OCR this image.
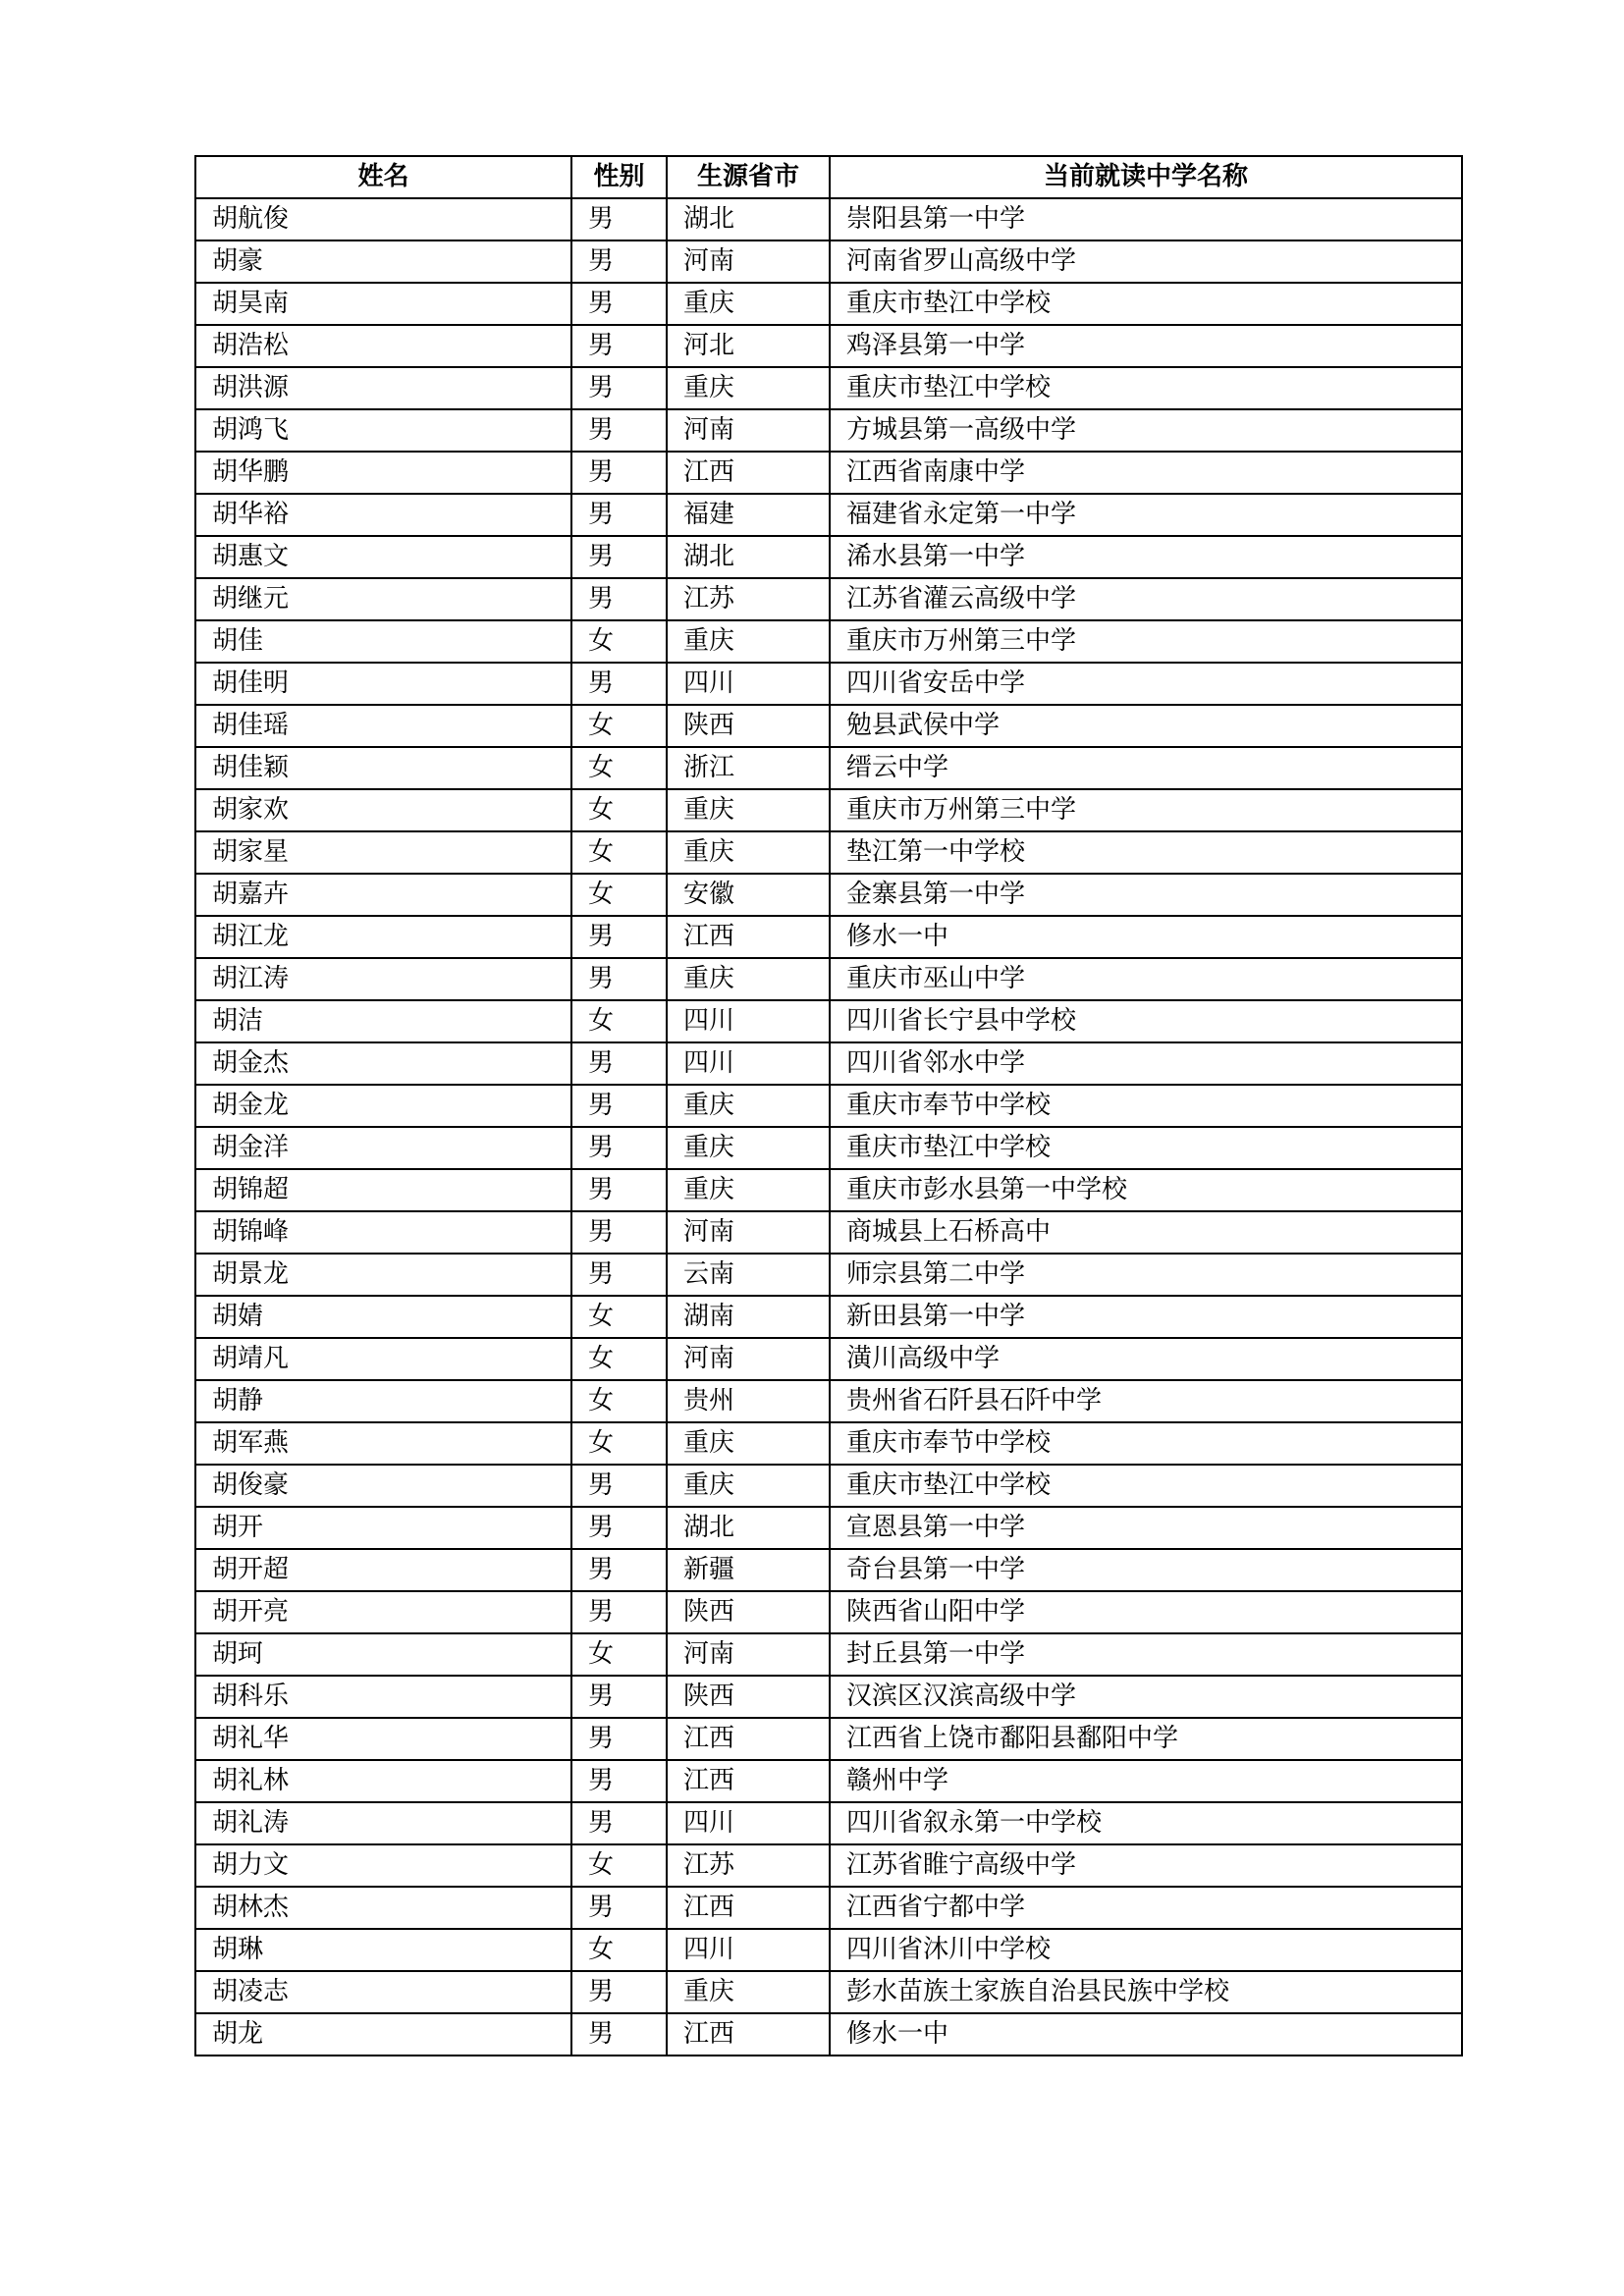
姓名	性别	生源省市	当前就读中学名称
胡航俊	男	湖北	崇阳县第一中学
胡豪	男	河南	河南省罗山高级中学
胡昊南	男	重庆	重庆市垫江中学校
胡浩松	男	河北	鸡泽县第一中学
胡洪源	男	重庆	重庆市垫江中学校
胡鸿飞	男	河南	方城县第一高级中学
胡华鹏	男	江西	江西省南康中学
胡华裕	男	福建	福建省永定第一中学
胡惠文	男	湖北	浠水县第一中学
胡继元	男	江苏	江苏省灌云高级中学
胡佳	女	重庆	重庆市万州第三中学
胡佳明	男	四川	四川省安岳中学
胡佳瑶	女	陕西	勉县武侯中学
胡佳颖	女	浙江	缙云中学
胡家欢	女	重庆	重庆市万州第三中学
胡家星	女	重庆	垫江第一中学校
胡嘉卉	女	安徽	金寨县第一中学
胡江龙	男	江西	修水一中
胡江涛	男	重庆	重庆市巫山中学
胡洁	女	四川	四川省长宁县中学校
胡金杰	男	四川	四川省邻水中学
胡金龙	男	重庆	重庆市奉节中学校
胡金洋	男	重庆	重庆市垫江中学校
胡锦超	男	重庆	重庆市彭水县第一中学校
胡锦峰	男	河南	商城县上石桥高中
胡景龙	男	云南	师宗县第二中学
胡婧	女	湖南	新田县第一中学
胡靖凡	女	河南	潢川高级中学
胡静	女	贵州	贵州省石阡县石阡中学
胡军燕	女	重庆	重庆市奉节中学校
胡俊豪	男	重庆	重庆市垫江中学校
胡开	男	湖北	宣恩县第一中学
胡开超	男	新疆	奇台县第一中学
胡开亮	男	陕西	陕西省山阳中学
胡珂	女	河南	封丘县第一中学
胡科乐	男	陕西	汉滨区汉滨高级中学
胡礼华	男	江西	江西省上饶市鄱阳县鄱阳中学
胡礼林	男	江西	赣州中学
胡礼涛	男	四川	四川省叙永第一中学校
胡力文	女	江苏	江苏省睢宁高级中学
胡林杰	男	江西	江西省宁都中学
胡琳	女	四川	四川省沐川中学校
胡凌志	男	重庆	彭水苗族土家族自治县民族中学校
胡龙	男	江西	修水一中
